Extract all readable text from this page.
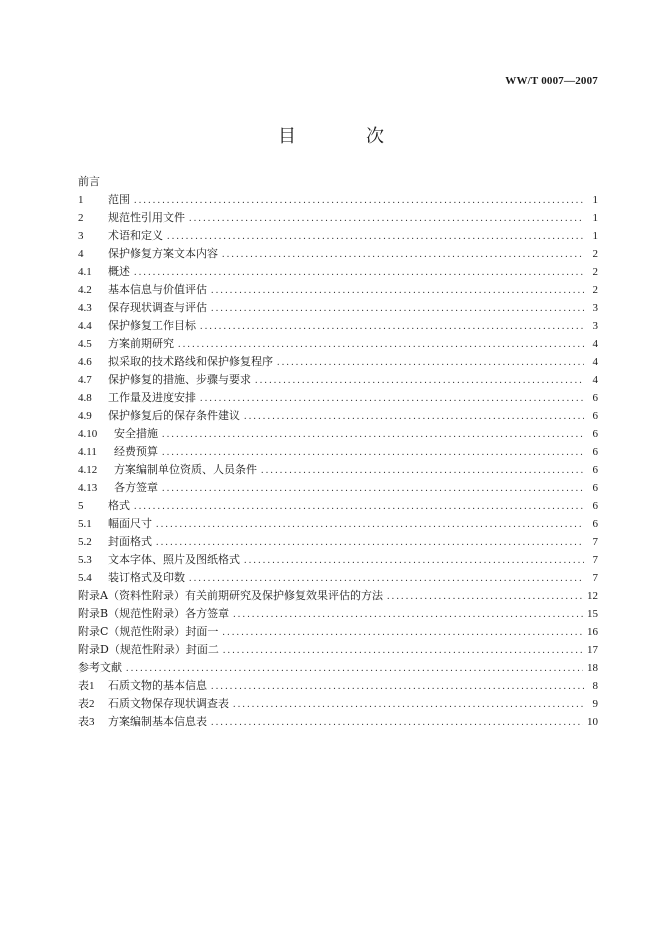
WW/T 0007—2007
目　次
前言
1	范围 .....	1
2	规范性引用文件 .....	1
3	术语和定义 .....	1
4	保护修复方案文本内容 .....	2
4.1	概述 .....	2
4.2	基本信息与价值评估 .....	2
4.3	保存现状调查与评估 .....	3
4.4	保护修复工作目标 .....	3
4.5	方案前期研究 .....	4
4.6	拟采取的技术路线和保护修复程序 .....	4
4.7	保护修复的措施、步骤与要求 .....	4
4.8	工作量及进度安排 .....	6
4.9	保护修复后的保存条件建议 .....	6
4.10	安全措施 .....	6
4.11	经费预算 .....	6
4.12	方案编制单位资质、人员条件 .....	6
4.13	各方签章 .....	6
5	格式 .....	6
5.1	幅面尺寸 .....	6
5.2	封面格式 .....	7
5.3	文本字体、照片及图纸格式 .....	7
5.4	装订格式及印数 .....	7
附录A（资料性附录）有关前期研究及保护修复效果评估的方法 .....	12
附录B（规范性附录）各方签章 .....	15
附录C（规范性附录）封面一 .....	16
附录D（规范性附录）封面二 .....	17
参考文献 .....	18
表1	石质文物的基本信息 .....	8
表2	石质文物保存现状调查表 .....	9
表3	方案编制基本信息表 .....	10
